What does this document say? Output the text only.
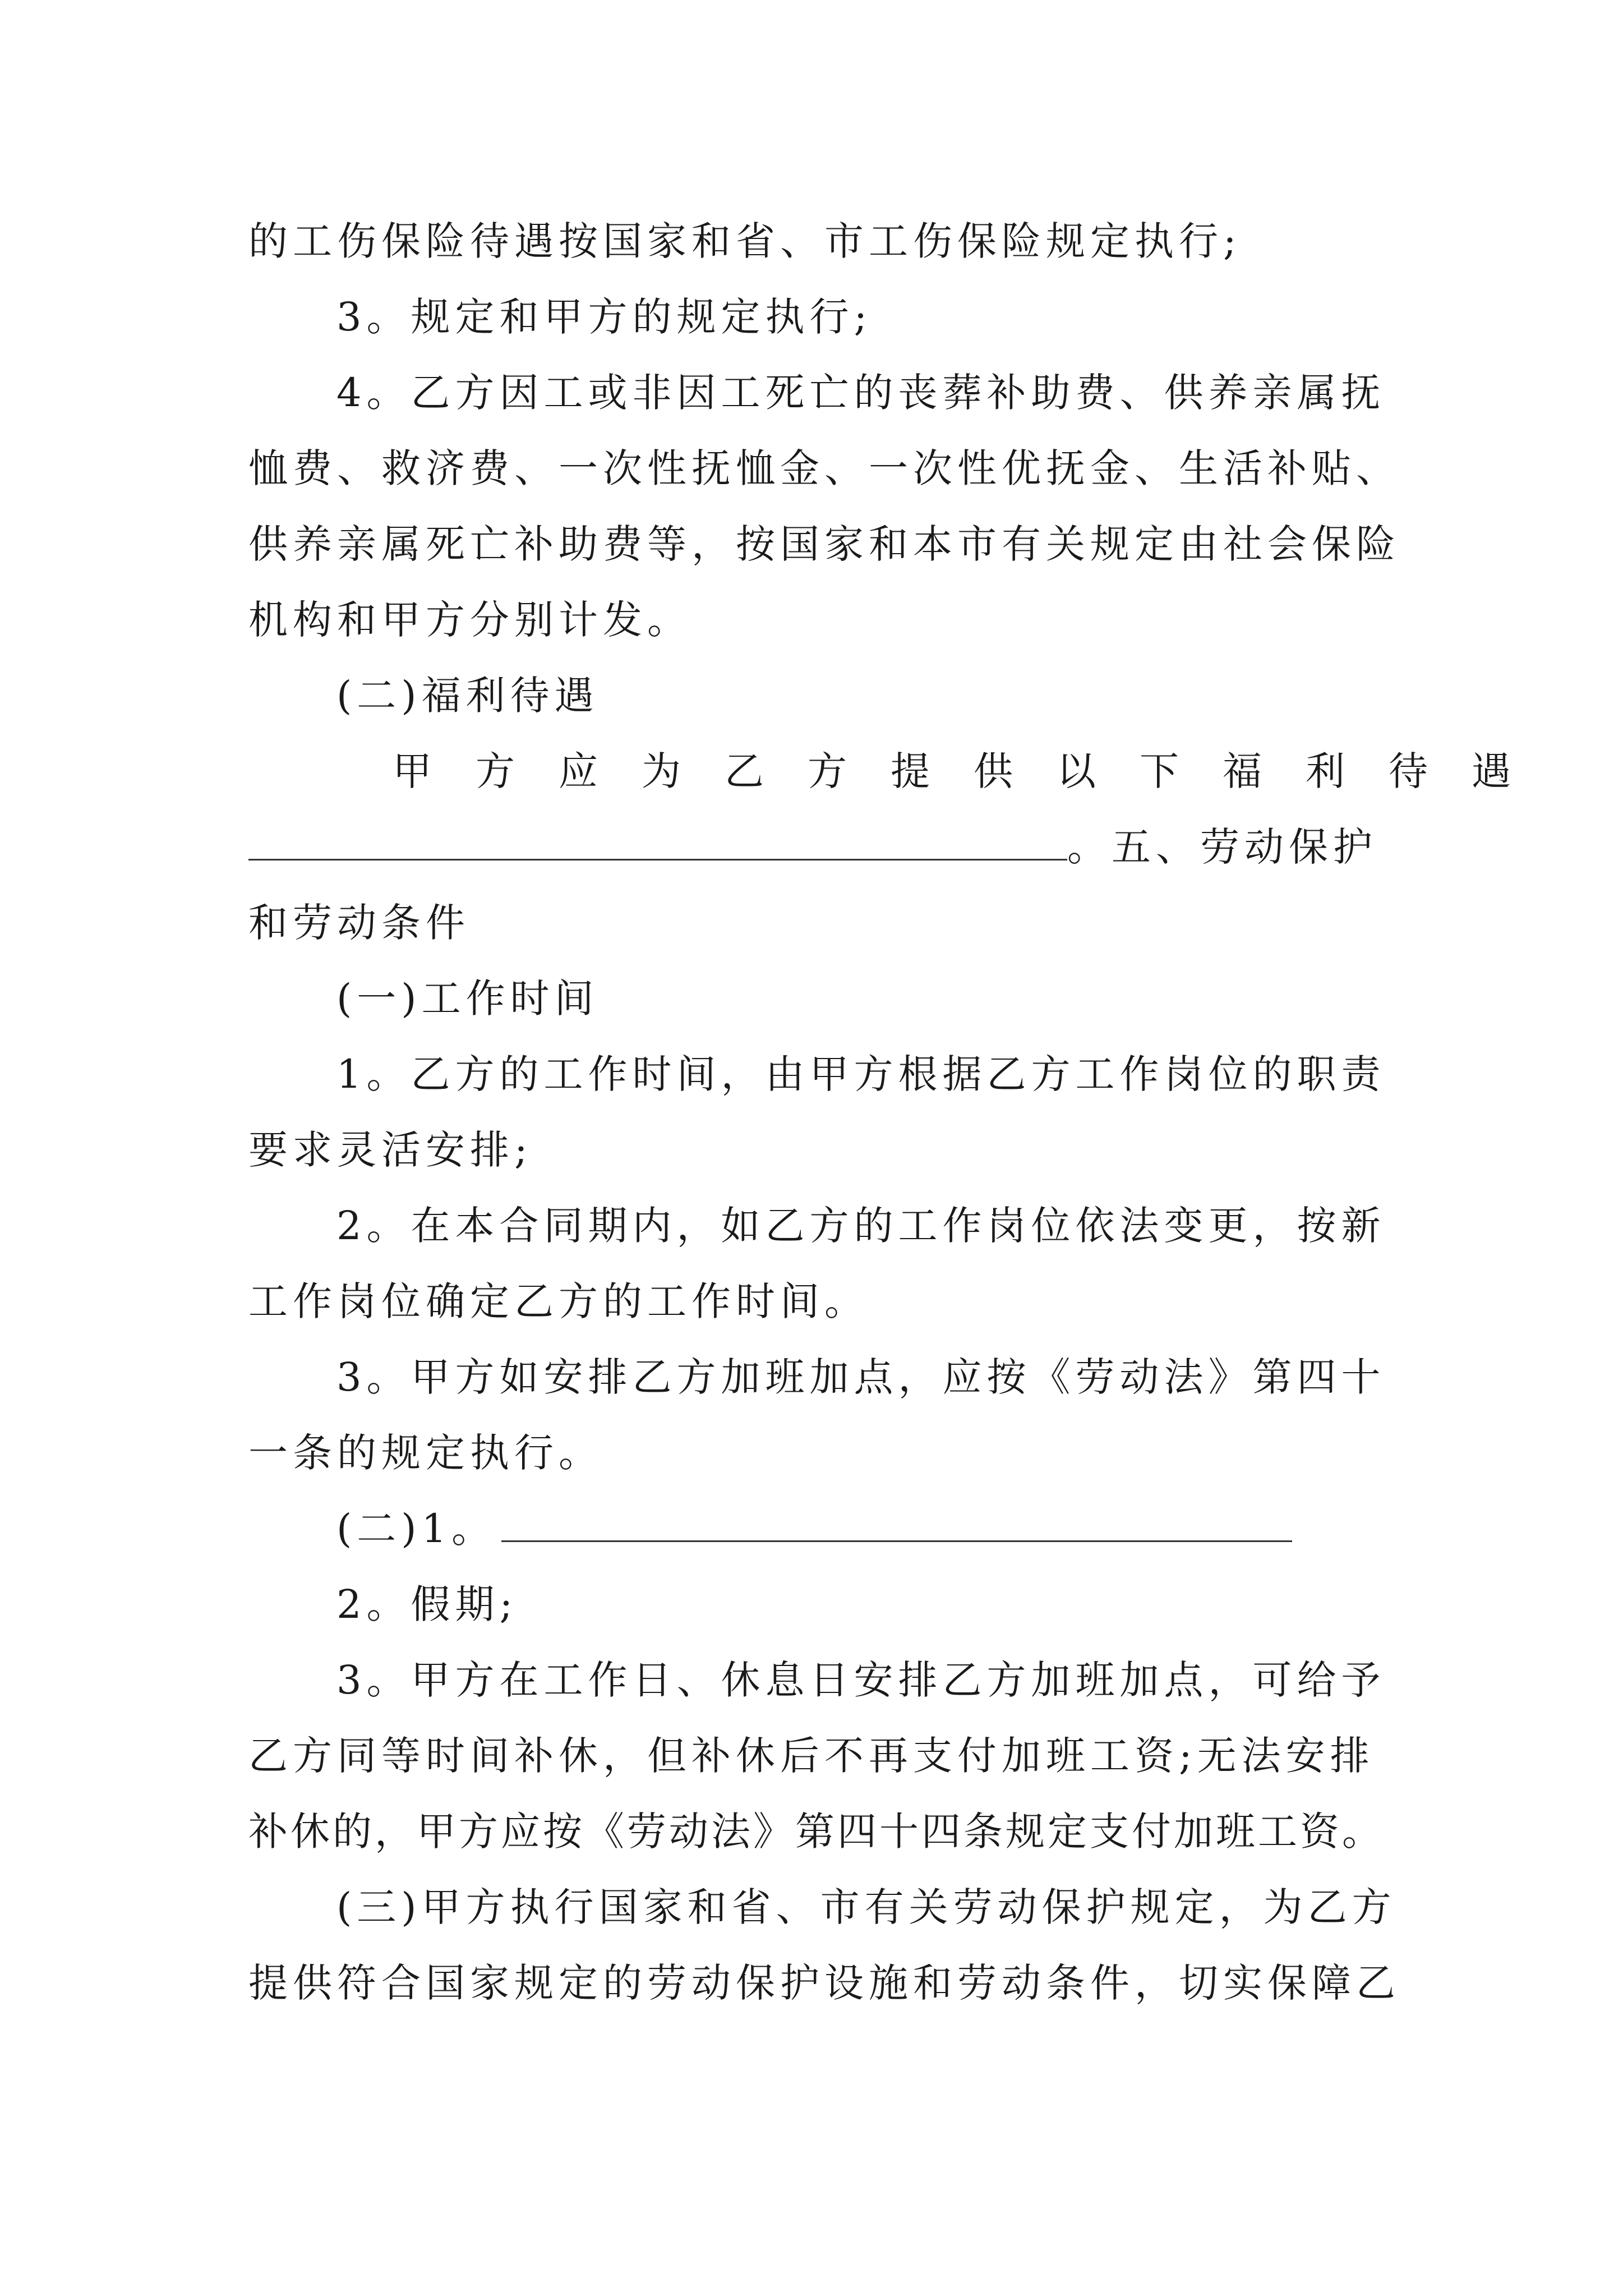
的工伤保险待遇按国家和省、市工伤保险规定执行;
3。规定和甲方的规定执行;
4。乙方因工或非因工死亡的丧葬补助费、供养亲属抚
恤费、救济费、一次性抚恤金、一次性优抚金、生活补贴、
供养亲属死亡补助费等，按国家和本市有关规定由社会保险
机构和甲方分别计发。
(二)福利待遇
甲方应为乙方提供以下福利待遇
。五、劳动保护
和劳动条件
(一)工作时间
1。乙方的工作时间，由甲方根据乙方工作岗位的职责
要求灵活安排;
2。在本合同期内，如乙方的工作岗位依法变更，按新
工作岗位确定乙方的工作时间。
3。甲方如安排乙方加班加点，应按《劳动法》第四十
一条的规定执行。
(二)1。
2。假期;
3。甲方在工作日、休息日安排乙方加班加点，可给予
乙方同等时间补休，但补休后不再支付加班工资;无法安排
补休的，甲方应按《劳动法》第四十四条规定支付加班工资。
(三)甲方执行国家和省、市有关劳动保护规定，为乙方
提供符合国家规定的劳动保护设施和劳动条件，切实保障乙
